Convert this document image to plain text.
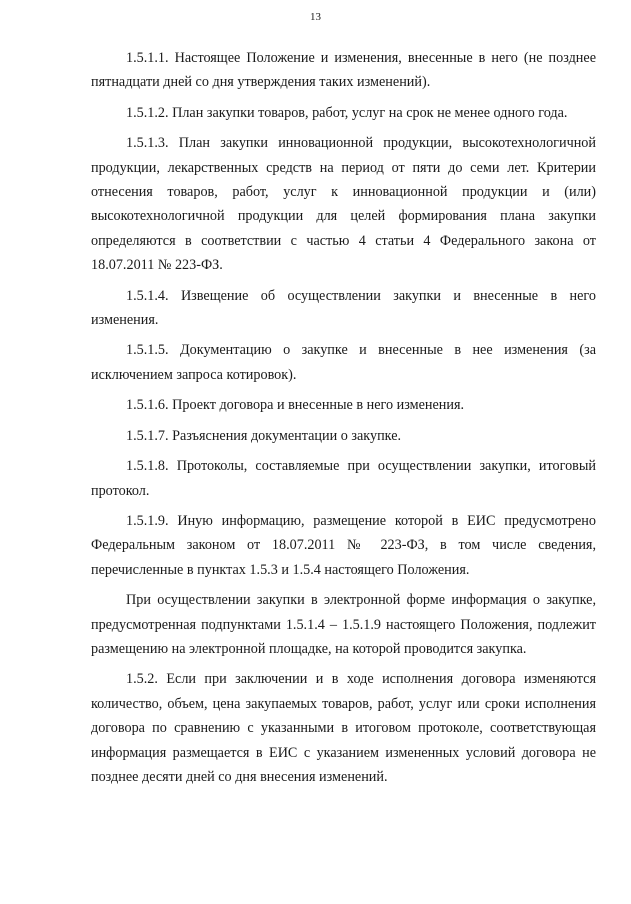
13

1.5.1.1. Настоящее Положение и изменения, внесенные в него (не позднее пятнадцати дней со дня утверждения таких изменений).

1.5.1.2. План закупки товаров, работ, услуг на срок не менее одного года.

1.5.1.3. План закупки инновационной продукции, высокотехнологичной продукции, лекарственных средств на период от пяти до семи лет. Критерии отнесения товаров, работ, услуг к инновационной продукции и (или) высокотехнологичной продукции для целей формирования плана закупки определяются в соответствии с частью 4 статьи 4 Федерального закона от 18.07.2011 № 223-ФЗ.

1.5.1.4. Извещение об осуществлении закупки и внесенные в него изменения.

1.5.1.5. Документацию о закупке и внесенные в нее изменения (за исключением запроса котировок).

1.5.1.6. Проект договора и внесенные в него изменения.

1.5.1.7. Разъяснения документации о закупке.

1.5.1.8. Протоколы, составляемые при осуществлении закупки, итоговый протокол.

1.5.1.9. Иную информацию, размещение которой в ЕИС предусмотрено Федеральным законом от 18.07.2011 № 223-ФЗ, в том числе сведения, перечисленные в пунктах 1.5.3 и 1.5.4 настоящего Положения.

При осуществлении закупки в электронной форме информация о закупке, предусмотренная подпунктами 1.5.1.4 – 1.5.1.9 настоящего Положения, подлежит размещению на электронной площадке, на которой проводится закупка.

1.5.2. Если при заключении и в ходе исполнения договора изменяются количество, объем, цена закупаемых товаров, работ, услуг или сроки исполнения договора по сравнению с указанными в итоговом протоколе, соответствующая информация размещается в ЕИС с указанием измененных условий договора не позднее десяти дней со дня внесения изменений.
